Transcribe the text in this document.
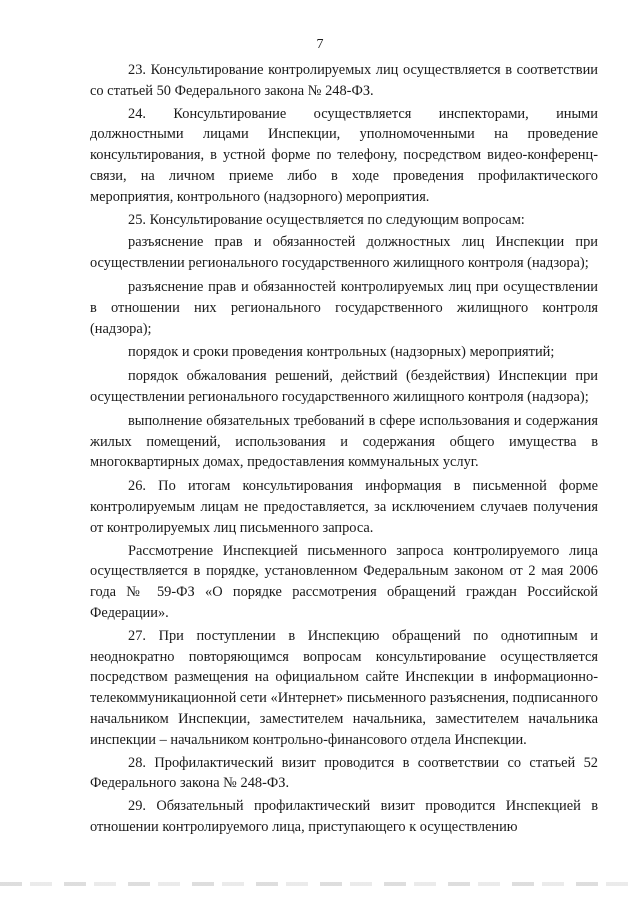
7

23. Консультирование контролируемых лиц осуществляется в соответствии со статьей 50 Федерального закона № 248-ФЗ.

24. Консультирование осуществляется инспекторами, иными должностными лицами Инспекции, уполномоченными на проведение консультирования, в устной форме по телефону, посредством видео-конференц-связи, на личном приеме либо в ходе проведения профилактического мероприятия, контрольного (надзорного) мероприятия.

25. Консультирование осуществляется по следующим вопросам:

разъяснение прав и обязанностей должностных лиц Инспекции при осуществлении регионального государственного жилищного контроля (надзора);

разъяснение прав и обязанностей контролируемых лиц при осуществлении в отношении них регионального государственного жилищного контроля (надзора);

порядок и сроки проведения контрольных (надзорных) мероприятий;

порядок обжалования решений, действий (бездействия) Инспекции при осуществлении регионального государственного жилищного контроля (надзора);

выполнение обязательных требований в сфере использования и содержания жилых помещений, использования и содержания общего имущества в многоквартирных домах, предоставления коммунальных услуг.

26. По итогам консультирования информация в письменной форме контролируемым лицам не предоставляется, за исключением случаев получения от контролируемых лиц письменного запроса.

Рассмотрение Инспекцией письменного запроса контролируемого лица осуществляется в порядке, установленном Федеральным законом от 2 мая 2006 года № 59-ФЗ «О порядке рассмотрения обращений граждан Российской Федерации».

27. При поступлении в Инспекцию обращений по однотипным и неоднократно повторяющимся вопросам консультирование осуществляется посредством размещения на официальном сайте Инспекции в информационно-телекоммуникационной сети «Интернет» письменного разъяснения, подписанного начальником Инспекции, заместителем начальника, заместителем начальника инспекции – начальником контрольно-финансового отдела Инспекции.

28. Профилактический визит проводится в соответствии со статьей 52 Федерального закона № 248-ФЗ.

29. Обязательный профилактический визит проводится Инспекцией в отношении контролируемого лица, приступающего к осуществлению
